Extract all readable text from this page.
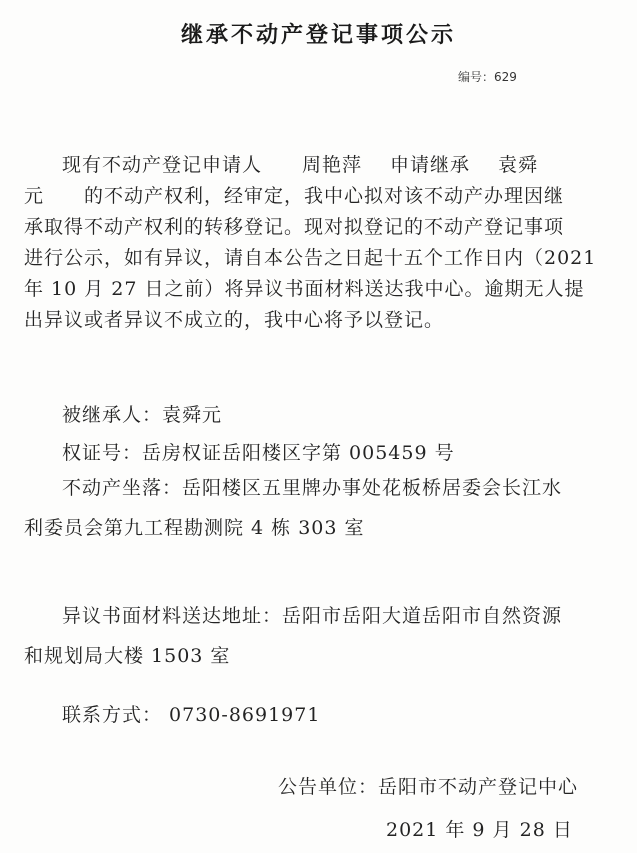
继承不动产登记事项公示
编号：629
现有不动产登记申请人 周艳萍 申请继承 袁舜
元 的不动产权利，经审定，我中心拟对该不动产办理因继
承取得不动产权利的转移登记。现对拟登记的不动产登记事项
进行公示，如有异议，请自本公告之日起十五个工作日内（2021
年 10 月 27 日之前）将异议书面材料送达我中心。逾期无人提
出异议或者异议不成立的，我中心将予以登记。
被继承人：袁舜元
权证号：岳房权证岳阳楼区字第 005459 号
不动产坐落：岳阳楼区五里牌办事处花板桥居委会长江水
利委员会第九工程勘测院 4 栋 303 室
异议书面材料送达地址：岳阳市岳阳大道岳阳市自然资源
和规划局大楼 1503 室
联系方式： 0730-8691971
公告单位：岳阳市不动产登记中心
2021 年 9 月 28 日
